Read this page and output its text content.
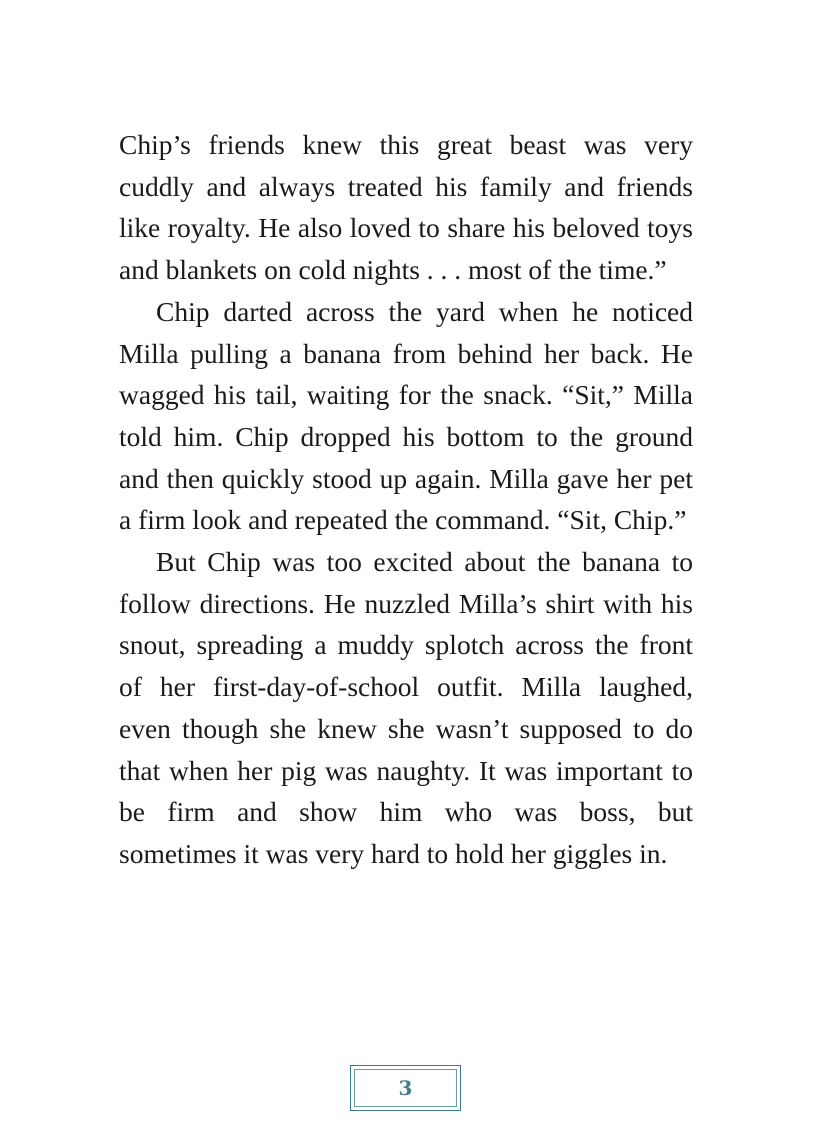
Chip’s friends knew this great beast was very cuddly and always treated his family and friends like royalty. He also loved to share his beloved toys and blankets on cold nights . . . most of the time.”

Chip darted across the yard when he noticed Milla pulling a banana from behind her back. He wagged his tail, waiting for the snack. “Sit,” Milla told him. Chip dropped his bottom to the ground and then quickly stood up again. Milla gave her pet a firm look and repeated the command. “Sit, Chip.”

But Chip was too excited about the banana to follow directions. He nuzzled Milla’s shirt with his snout, spreading a muddy splotch across the front of her first-day-of-school outfit. Milla laughed, even though she knew she wasn’t supposed to do that when her pig was naughty. It was important to be firm and show him who was boss, but sometimes it was very hard to hold her giggles in.

3
